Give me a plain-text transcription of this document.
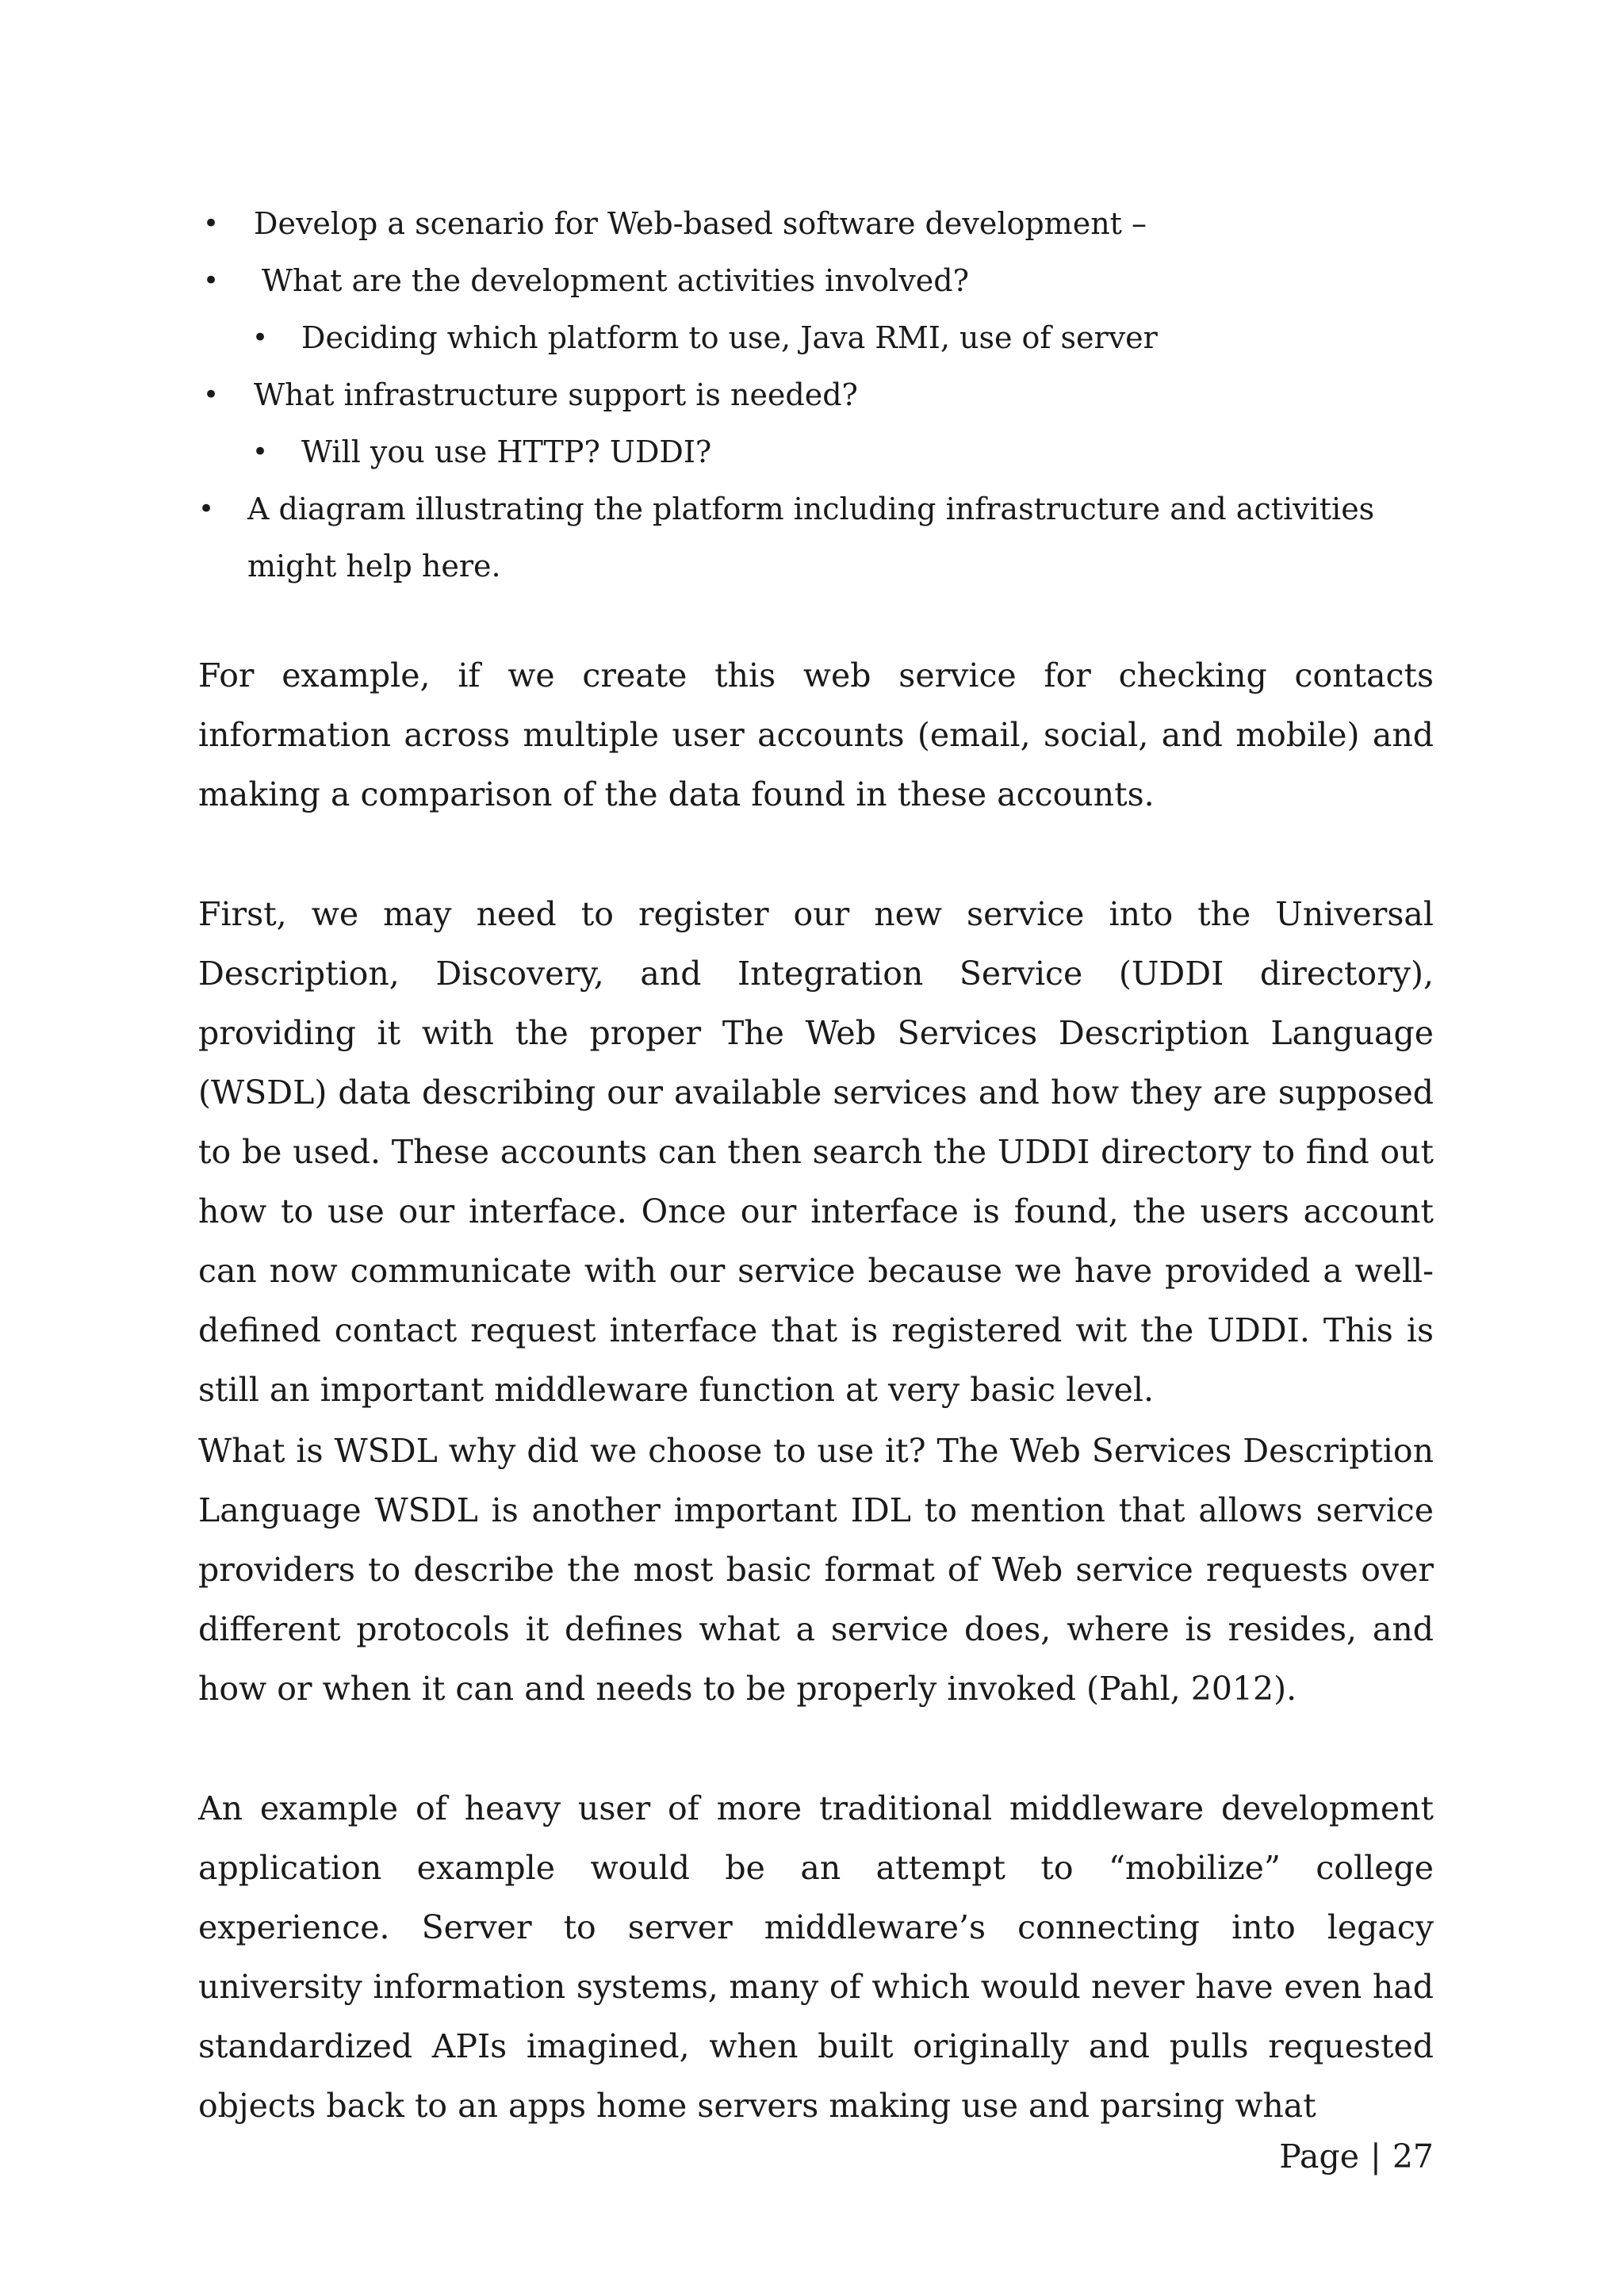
• Develop a scenario for Web-based software development –

• What are the development activities involved?

• Deciding which platform to use, Java RMI, use of server

• What infrastructure support is needed?

• Will you use HTTP? UDDI?

• A diagram illustrating the platform including infrastructure and activities might help here.

For example, if we create this web service for checking contacts information across multiple user accounts (email, social, and mobile) and making a comparison of the data found in these accounts.

First, we may need to register our new service into the Universal Description, Discovery, and Integration Service (UDDI directory), providing it with the proper The Web Services Description Language (WSDL) data describing our available services and how they are supposed to be used. These accounts can then search the UDDI directory to find out how to use our interface. Once our interface is found, the users account can now communicate with our service because we have provided a well-defined contact request interface that is registered wit the UDDI. This is still an important middleware function at very basic level.

What is WSDL why did we choose to use it? The Web Services Description Language WSDL is another important IDL to mention that allows service providers to describe the most basic format of Web service requests over different protocols it defines what a service does, where is resides, and how or when it can and needs to be properly invoked (Pahl, 2012).

An example of heavy user of more traditional middleware development application example would be an attempt to “mobilize” college experience. Server to server middleware’s connecting into legacy university information systems, many of which would never have even had standardized APIs imagined, when built originally and pulls requested objects back to an apps home servers making use and parsing what

Page | 27
